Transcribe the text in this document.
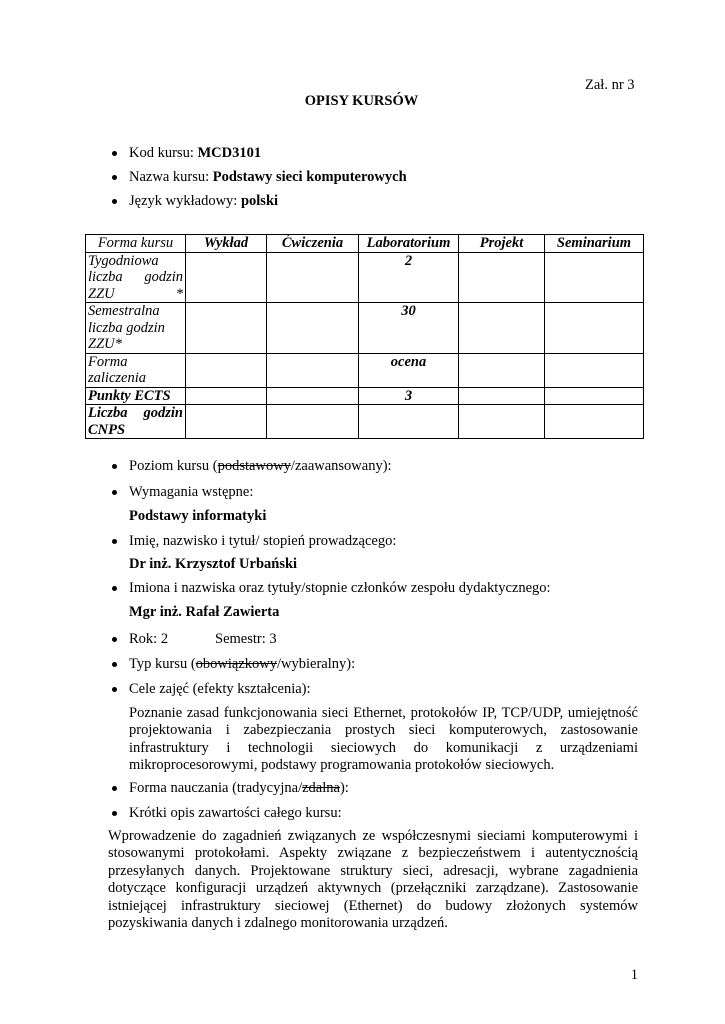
Zał. nr 3
OPISY KURSÓW
Kod kursu: MCD3101
Nazwa kursu: Podstawy sieci komputerowych
Język wykładowy: polski
Forma kursu	Wykład	Ćwiczenia	Laboratorium	Projekt	Seminarium
Tygodniowa liczba godzin ZZU *			2		
Semestralna liczba godzin ZZU*			30		
Forma zaliczenia			ocena		
Punkty ECTS			3		
Liczba godzin CNPS					
Poziom kursu (podstawowy/zaawansowany):
Wymagania wstępne:
Podstawy informatyki
Imię, nazwisko i tytuł/ stopień prowadzącego:
Dr inż. Krzysztof Urbański
Imiona i nazwiska oraz tytuły/stopnie członków zespołu dydaktycznego:
Mgr inż. Rafał Zawierta
Rok: 2	Semestr: 3
Typ kursu (obowiązkowy/wybieralny):
Cele zajęć (efekty kształcenia):
Poznanie zasad funkcjonowania sieci Ethernet, protokołów IP, TCP/UDP, umiejętność projektowania i zabezpieczania prostych sieci komputerowych, zastosowanie infrastruktury i technologii sieciowych do komunikacji z urządzeniami mikroprocesorowymi, podstawy programowania protokołów sieciowych.
Forma nauczania (tradycyjna/zdalna):
Krótki opis zawartości całego kursu:
Wprowadzenie do zagadnień związanych ze współczesnymi sieciami komputerowymi i stosowanymi protokołami. Aspekty związane z bezpieczeństwem i autentycznością przesyłanych danych. Projektowane struktury sieci, adresacji, wybrane zagadnienia dotyczące konfiguracji urządzeń aktywnych (przełączniki zarządzane). Zastosowanie istniejącej infrastruktury sieciowej (Ethernet) do budowy złożonych systemów pozyskiwania danych i zdalnego monitorowania urządzeń.
1
